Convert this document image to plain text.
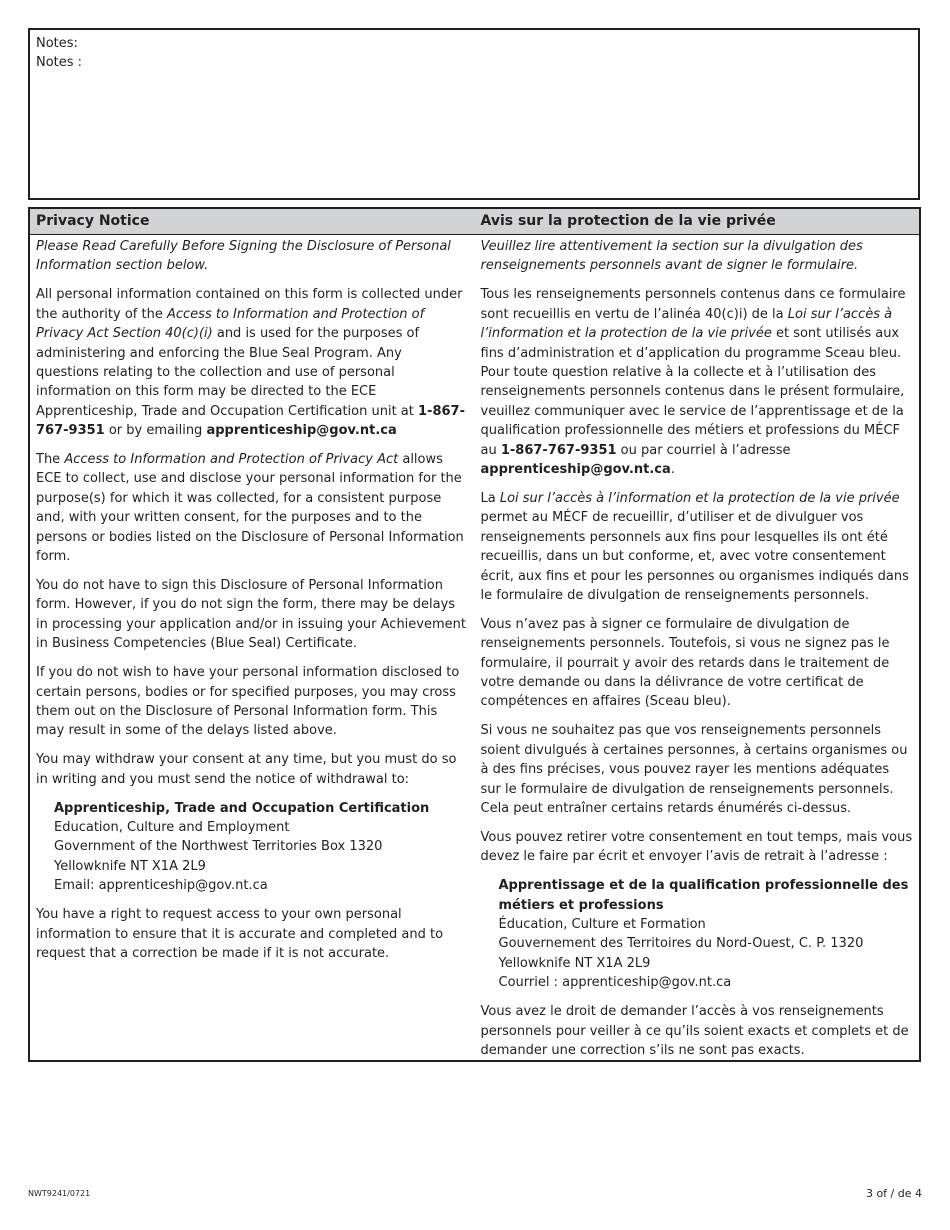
Notes:
Notes :
Privacy Notice

Please Read Carefully Before Signing the Disclosure of Personal Information section below.

All personal information contained on this form is collected under the authority of the Access to Information and Protection of Privacy Act Section 40(c)(i) and is used for the purposes of administering and enforcing the Blue Seal Program. Any questions relating to the collection and use of personal information on this form may be directed to the ECE Apprenticeship, Trade and Occupation Certification unit at 1-867-767-9351 or by emailing apprenticeship@gov.nt.ca

The Access to Information and Protection of Privacy Act allows ECE to collect, use and disclose your personal information for the purpose(s) for which it was collected, for a consistent purpose and, with your written consent, for the purposes and to the persons or bodies listed on the Disclosure of Personal Information form.

You do not have to sign this Disclosure of Personal Information form. However, if you do not sign the form, there may be delays in processing your application and/or in issuing your Achievement in Business Competencies (Blue Seal) Certificate.

If you do not wish to have your personal information disclosed to certain persons, bodies or for specified purposes, you may cross them out on the Disclosure of Personal Information form. This may result in some of the delays listed above.

You may withdraw your consent at any time, but you must do so in writing and you must send the notice of withdrawal to:

Apprenticeship, Trade and Occupation Certification
Education, Culture and Employment
Government of the Northwest Territories Box 1320
Yellowknife NT X1A 2L9
Email: apprenticeship@gov.nt.ca

You have a right to request access to your own personal information to ensure that it is accurate and completed and to request that a correction be made if it is not accurate.

Avis sur la protection de la vie privée

Veuillez lire attentivement la section sur la divulgation des renseignements personnels avant de signer le formulaire.

Tous les renseignements personnels contenus dans ce formulaire sont recueillis en vertu de l’alinéa 40(c)i) de la Loi sur l’accès à l’information et la protection de la vie privée et sont utilisés aux fins d’administration et d’application du programme Sceau bleu. Pour toute question relative à la collecte et à l’utilisation des renseignements personnels contenus dans le présent formulaire, veuillez communiquer avec le service de l’apprentissage et de la qualification professionnelle des métiers et professions du MÉCF au 1-867-767-9351 ou par courriel à l’adresse apprenticeship@gov.nt.ca.

La Loi sur l’accès à l’information et la protection de la vie privée permet au MÉCF de recueillir, d’utiliser et de divulguer vos renseignements personnels aux fins pour lesquelles ils ont été recueillis, dans un but conforme, et, avec votre consentement écrit, aux fins et pour les personnes ou organismes indiqués dans le formulaire de divulgation de renseignements personnels.

Vous n’avez pas à signer ce formulaire de divulgation de renseignements personnels. Toutefois, si vous ne signez pas le formulaire, il pourrait y avoir des retards dans le traitement de votre demande ou dans la délivrance de votre certificat de compétences en affaires (Sceau bleu).

Si vous ne souhaitez pas que vos renseignements personnels soient divulgués à certaines personnes, à certains organismes ou à des fins précises, vous pouvez rayer les mentions adéquates sur le formulaire de divulgation de renseignements personnels. Cela peut entraîner certains retards énumérés ci-dessus.

Vous pouvez retirer votre consentement en tout temps, mais vous devez le faire par écrit et envoyer l’avis de retrait à l’adresse :

Apprentissage et de la qualification professionnelle des métiers et professions
Éducation, Culture et Formation
Gouvernement des Territoires du Nord-Ouest, C. P. 1320
Yellowknife NT X1A 2L9
Courriel : apprenticeship@gov.nt.ca

Vous avez le droit de demander l’accès à vos renseignements personnels pour veiller à ce qu’ils soient exacts et complets et de demander une correction s’ils ne sont pas exacts.

NWT9241/0721	3 of / de 4
